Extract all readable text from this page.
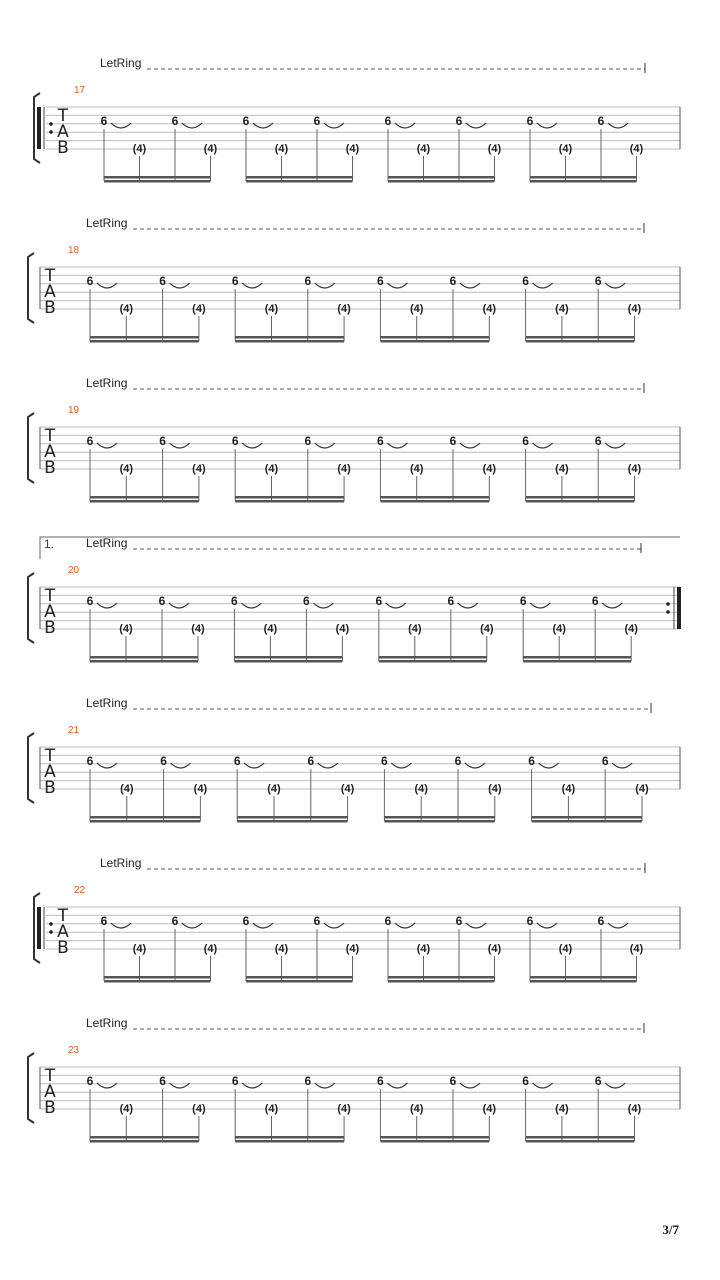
LetRing
17
T
A
B
6
(4)
6
(4)
6
(4)
6
(4)
6
(4)
6
(4)
6
(4)
6
(4)
LetRing
18
T
A
B
6
(4)
6
(4)
6
(4)
6
(4)
6
(4)
6
(4)
6
(4)
6
(4)
LetRing
19
T
A
B
6
(4)
6
(4)
6
(4)
6
(4)
6
(4)
6
(4)
6
(4)
6
(4)
LetRing
1.
20
T
A
B
6
(4)
6
(4)
6
(4)
6
(4)
6
(4)
6
(4)
6
(4)
6
(4)
LetRing
21
T
A
B
6
(4)
6
(4)
6
(4)
6
(4)
6
(4)
6
(4)
6
(4)
6
(4)
LetRing
22
T
A
B
6
(4)
6
(4)
6
(4)
6
(4)
6
(4)
6
(4)
6
(4)
6
(4)
LetRing
23
T
A
B
6
(4)
6
(4)
6
(4)
6
(4)
6
(4)
6
(4)
6
(4)
6
(4)
3/7
